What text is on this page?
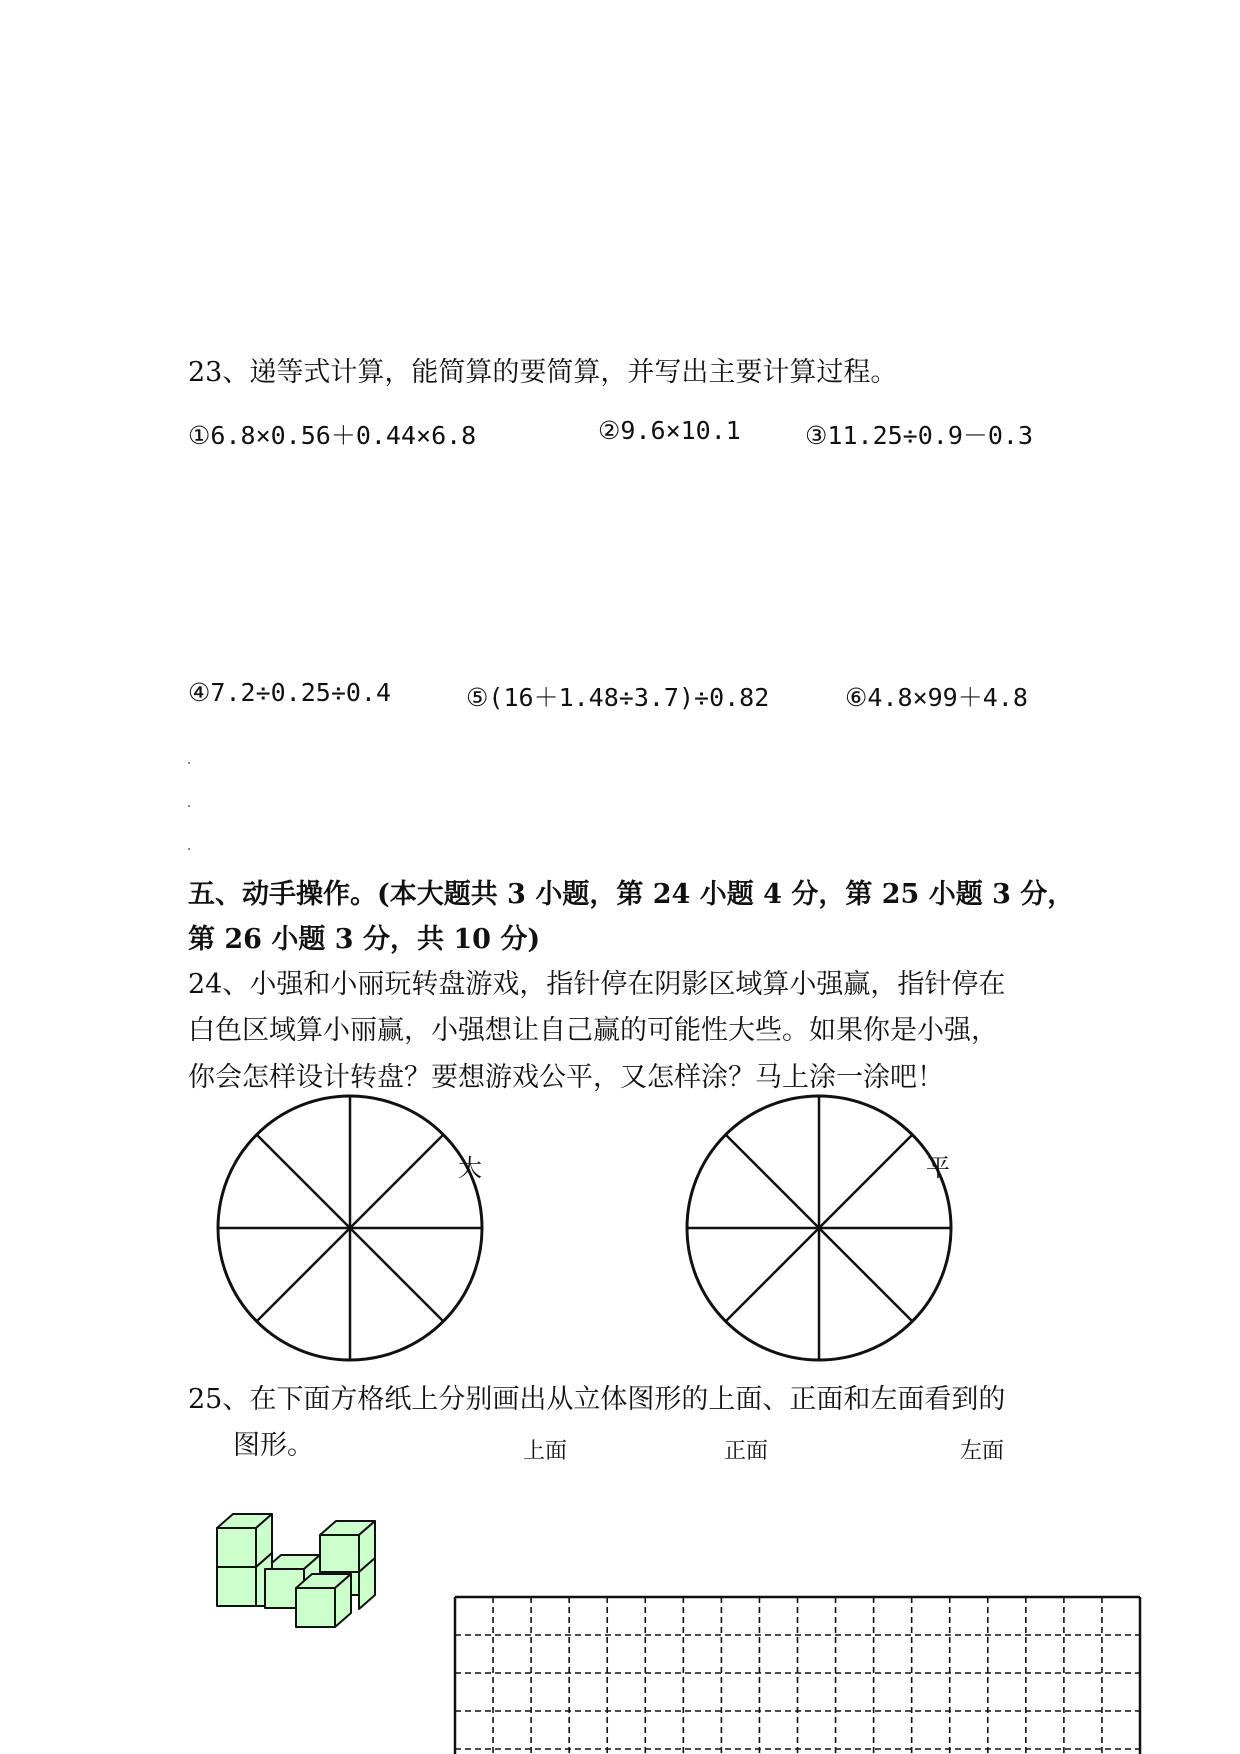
23、递等式计算，能简算的要简算，并写出主要计算过程。
①6.8×0.56＋0.44×6.8	②9.6×10.1	③11.25÷0.9－0.3
④7.2÷0.25÷0.4	⑤(16＋1.48÷3.7)÷0.82	⑥4.8×99＋4.8
五、动手操作。(本大题共 3 小题，第 24 小题 4 分，第 25 小题 3 分，
第 26 小题 3 分，共 10 分)
24、小强和小丽玩转盘游戏，指针停在阴影区域算小强赢，指针停在
白色区域算小丽赢，小强想让自己赢的可能性大些。如果你是小强，
你会怎样设计转盘？要想游戏公平，又怎样涂？马上涂一涂吧！
大	平
25、在下面方格纸上分别画出从立体图形的上面、正面和左面看到的
图形。	上面	正面	左面
